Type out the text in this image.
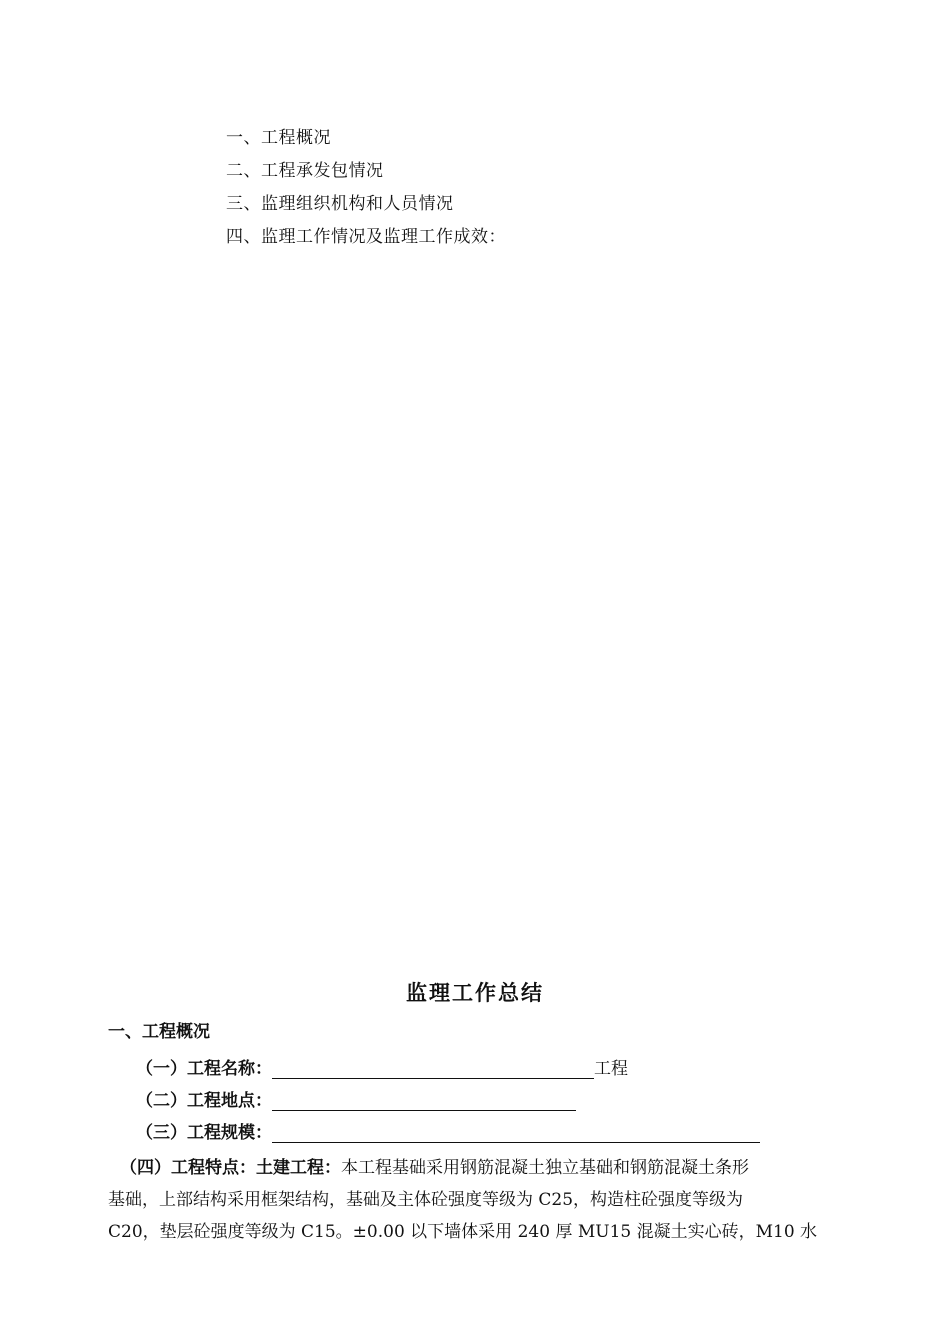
一、工程概况
二、工程承发包情况
三、监理组织机构和人员情况
四、监理工作情况及监理工作成效：
监理工作总结
一、工程概况
（一）工程名称：	工程
（二）工程地点：
（三）工程规模：
（四）工程特点：土建工程：本工程基础采用钢筋混凝土独立基础和钢筋混凝土条形
基础，上部结构采用框架结构，基础及主体砼强度等级为 C25，构造柱砼强度等级为
C20，垫层砼强度等级为 C15。±0.00 以下墙体采用 240 厚 MU15 混凝土实心砖，M10 水
